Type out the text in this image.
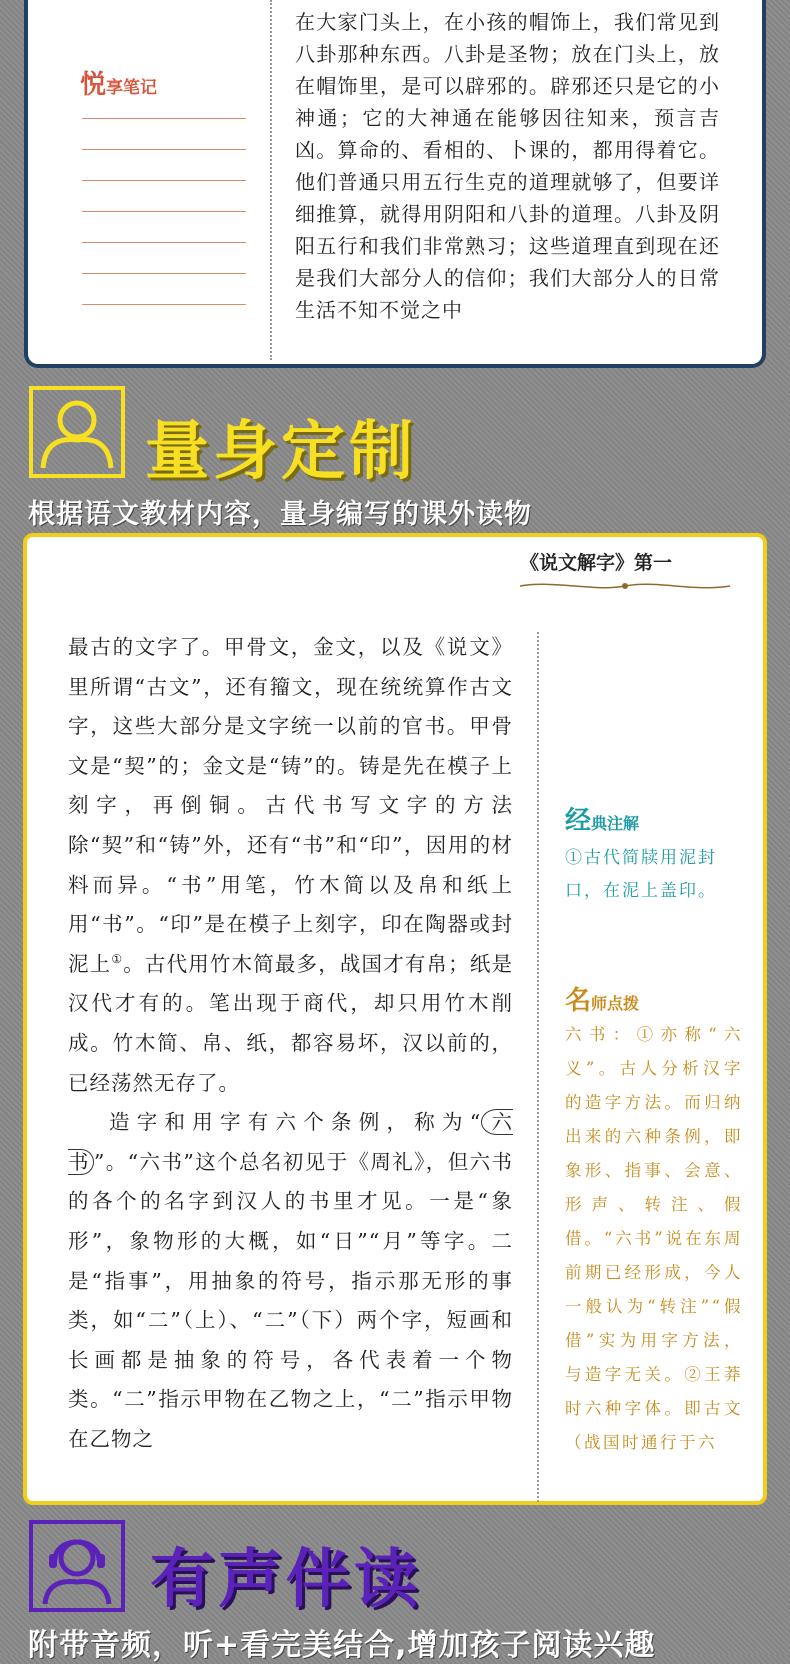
悦享笔记

在大家门头上，在小孩的帽饰上，我们常见到八卦那种东西。八卦是圣物；放在门头上，放在帽饰里，是可以辟邪的。辟邪还只是它的小神通；它的大神通在能够因往知来，预言吉凶。算命的、看相的、卜课的，都用得着它。他们普通只用五行生克的道理就够了，但要详细推算，就得用阴阳和八卦的道理。八卦及阴阳五行和我们非常熟习；这些道理直到现在还是我们大部分人的信仰；我们大部分人的日常生活不知不觉之中

量身定制
根据语文教材内容，量身编写的课外读物
《说文解字》第一

最古的文字了。甲骨文，金文，以及《说文》里所谓“古文”，还有籀文，现在统统算作古文字，这些大部分是文字统一以前的官书。甲骨文是“契”的；金文是“铸”的。铸是先在模子上刻字，再倒铜。古代书写文字的方法除“契”和“铸”外，还有“书”和“印”，因用的材料而异。“书”用笔，竹木简以及帛和纸上用“书”。“印”是在模子上刻字，印在陶器或封泥上①。古代用竹木简最多，战国才有帛；纸是汉代才有的。笔出现于商代，却只用竹木削成。竹木简、帛、纸，都容易坏，汉以前的，已经荡然无存了。

造字和用字有六个条例，称为“ 六书 ”。“六书”这个总名初见于《周礼》，但六书的各个的名字到汉人的书里才见。一是“象形”，象物形的大概，如“日”“月”等字。二是“指事”，用抽象的符号，指示那无形的事类，如“二”（上）、“二”（下）两个字，短画和长画都是抽象的符号，各代表着一个物类。“二”指示甲物在乙物之上，“二”指示甲物在乙物之

经典注解
①古代简牍用泥封口，在泥上盖印。
名师点拨
六书：①亦称“六义”。古人分析汉字的造字方法。而归纳出来的六种条例，即象形、指事、会意、形声、转注、假借。“六书”说在东周前期已经形成，今人一般认为“转注”“假借”实为用字方法，与造字无关。②王莽时六种字体。即古文（战国时通行于六
有声伴读
附带音频，听+看完美结合,增加孩子阅读兴趣
